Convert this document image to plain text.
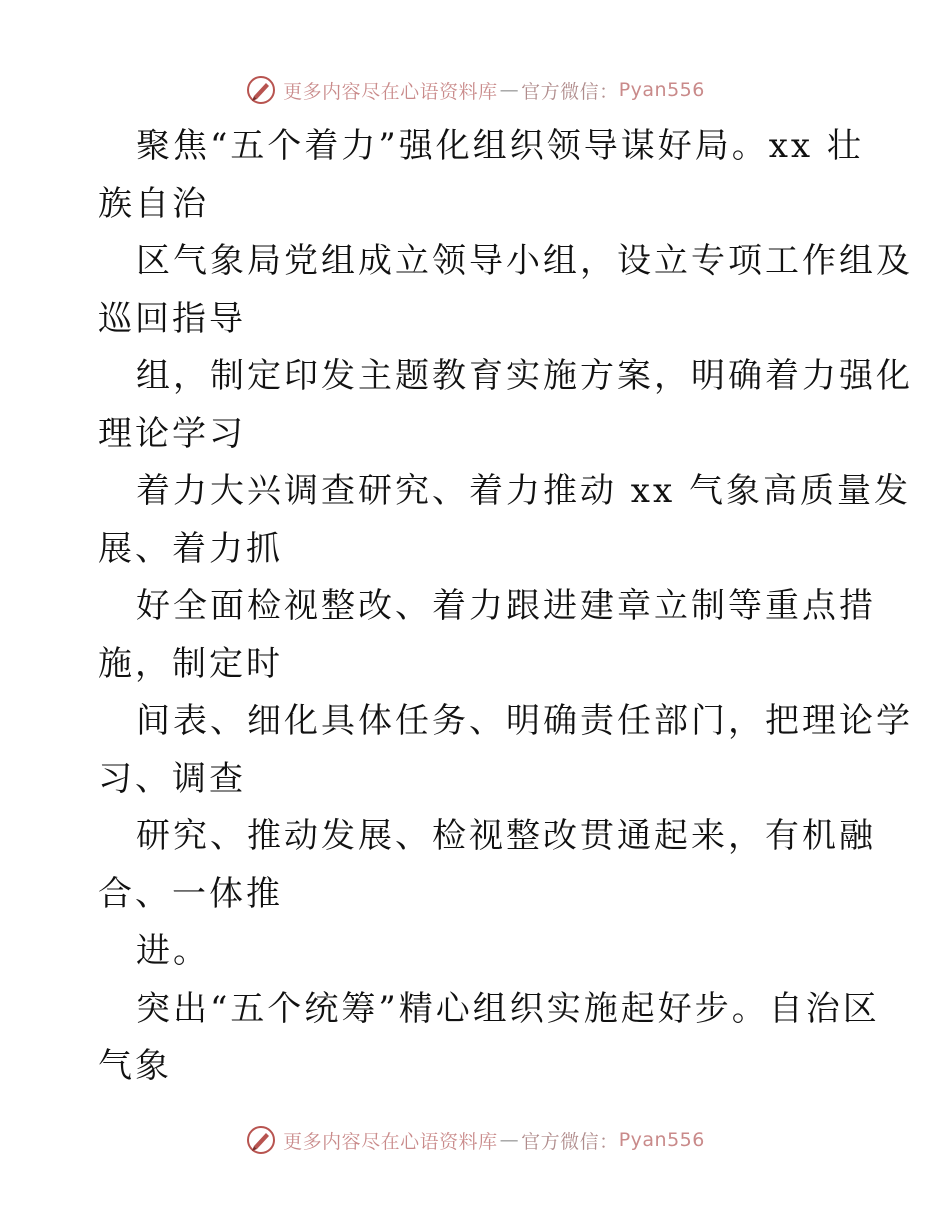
更多内容尽在心语资料库 — 官方微信： Pyan556
聚焦“五个着力”强化组织领导谋好局。xx 壮
族自治
区气象局党组成立领导小组，设立专项工作组及
巡回指导
组，制定印发主题教育实施方案，明确着力强化
理论学习
着力大兴调查研究、着力推动 xx 气象高质量发
展、着力抓
好全面检视整改、着力跟进建章立制等重点措
施，制定时
间表、细化具体任务、明确责任部门，把理论学
习、调查
研究、推动发展、检视整改贯通起来，有机融
合、一体推
进。
突出“五个统筹”精心组织实施起好步。自治区
气象
更多内容尽在心语资料库 — 官方微信： Pyan556
